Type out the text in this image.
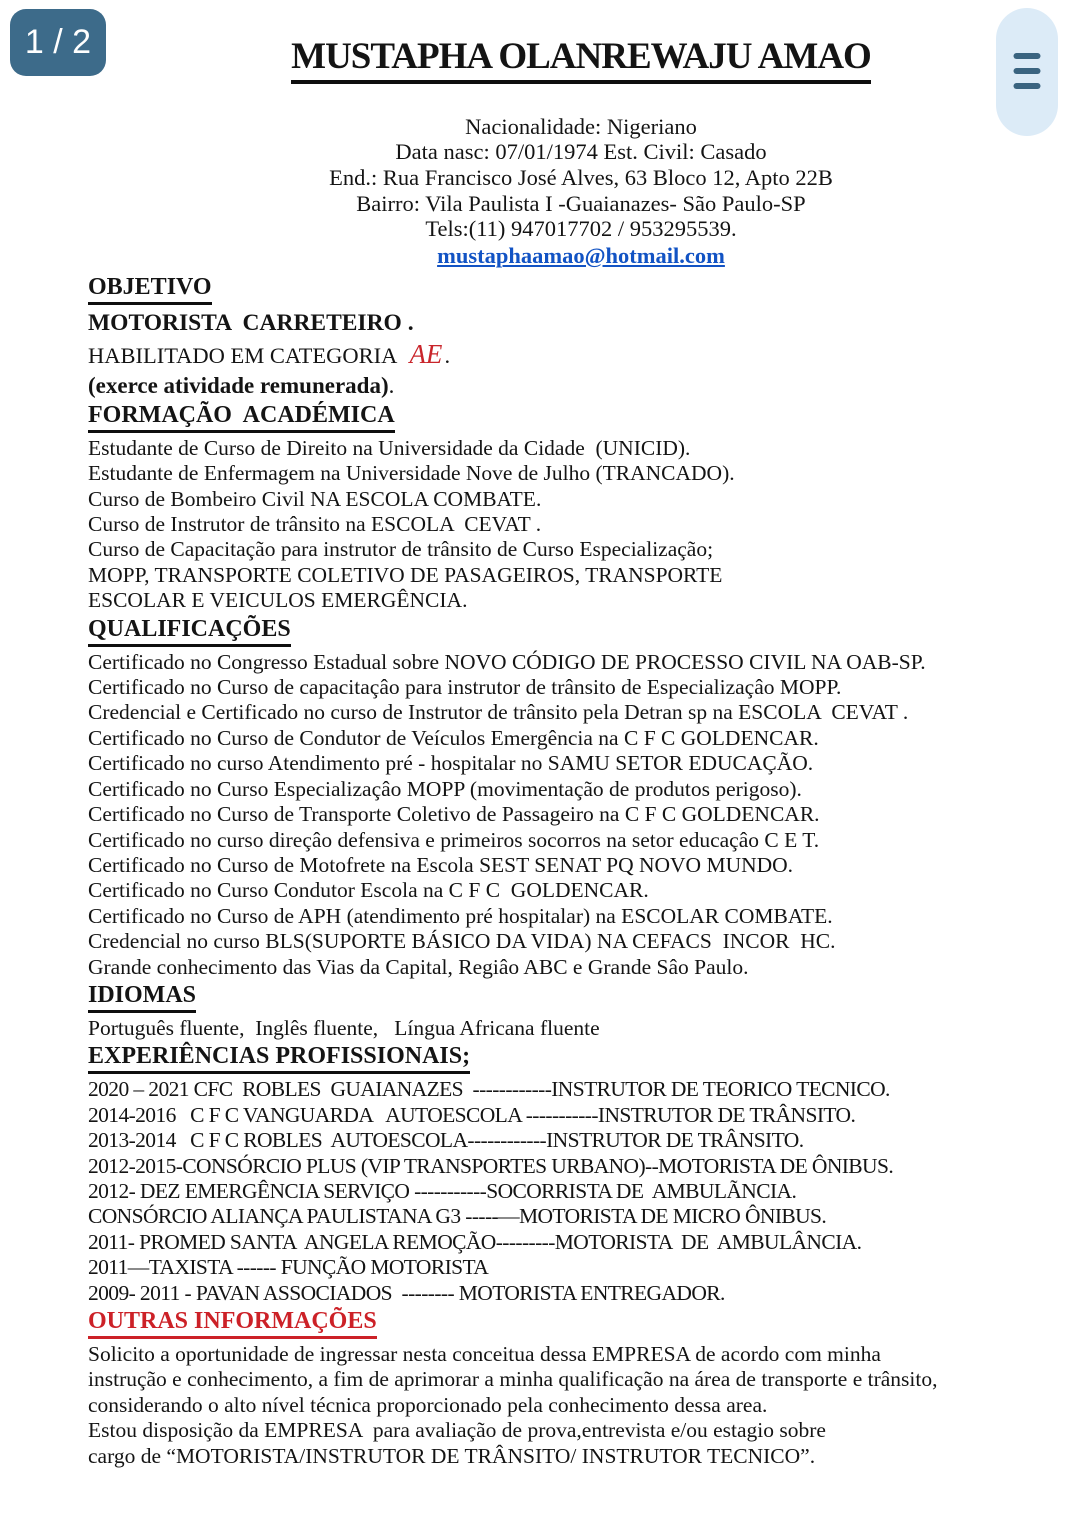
MUSTAPHA OLANREWAJU AMAO
Nacionalidade: Nigeriano
Data nasc: 07/01/1974 Est. Civil: Casado
End.: Rua Francisco José Alves, 63 Bloco 12, Apto 22B
Bairro: Vila Paulista I -Guaianazes- São Paulo-SP
Tels:(11) 947017702 / 953295539.
mustaphaamao@hotmail.com
OBJETIVO
MOTORISTA  CARRETEIRO .
HABILITADO EM CATEGORIA  AE.
(exerce atividade remunerada).
FORMAÇÃO  ACADÉMICA
Estudante de Curso de Direito na Universidade da Cidade  (UNICID).
Estudante de Enfermagem na Universidade Nove de Julho (TRANCADO).
Curso de Bombeiro Civil NA ESCOLA COMBATE.
Curso de Instrutor de trânsito na ESCOLA  CEVAT .
Curso de Capacitação para instrutor de trânsito de Curso Especialização;
MOPP, TRANSPORTE COLETIVO DE PASAGEIROS, TRANSPORTE
ESCOLAR E VEICULOS EMERGÊNCIA.
QUALIFICAÇÕES
Certificado no Congresso Estadual sobre NOVO CÓDIGO DE PROCESSO CIVIL NA OAB-SP.
Certificado no Curso de capacitaçâo para instrutor de trânsito de Especializaçâo MOPP.
Credencial e Certificado no curso de Instrutor de trânsito pela Detran sp na ESCOLA  CEVAT .
Certificado no Curso de Condutor de Veículos Emergência na C F C GOLDENCAR.
Certificado no curso Atendimento pré - hospitalar no SAMU SETOR EDUCAÇÃO.
Certificado no Curso Especializaçâo MOPP (movimentação de produtos perigoso).
Certificado no Curso de Transporte Coletivo de Passageiro na C F C GOLDENCAR.
Certificado no curso direçâo defensiva e primeiros socorros na setor educaçâo C E T.
Certificado no Curso de Motofrete na Escola SEST SENAT PQ NOVO MUNDO.
Certificado no Curso Condutor Escola na C F C  GOLDENCAR.
Certificado no Curso de APH (atendimento pré hospitalar) na ESCOLAR COMBATE.
Credencial no curso BLS(SUPORTE BÁSICO DA VIDA) NA CEFACS  INCOR  HC.
Grande conhecimento das Vias da Capital, Regiâo ABC e Grande Sâo Paulo.
IDIOMAS
Português fluente,  Inglês fluente,   Língua Africana fluente
EXPERIÊNCIAS PROFISSIONAIS;
2020 – 2021 CFC  ROBLES  GUAIANAZES  ------------INSTRUTOR DE TEORICO TECNICO.
2014-2016   C F C VANGUARDA   AUTOESCOLA -----------INSTRUTOR DE TRÂNSITO.
2013-2014   C F C ROBLES  AUTOESCOLA------------INSTRUTOR DE TRÂNSITO.
2012-2015-CONSÓRCIO PLUS (VIP TRANSPORTES URBANO)--MOTORISTA DE ÔNIBUS.
2012- DEZ EMERGÊNCIA SERVIÇO -----------SOCORRISTA DE  AMBULÃNCIA.
CONSÓRCIO ALIANÇA PAULISTANA G3 -----—MOTORISTA DE MICRO ÔNIBUS.
2011- PROMED SANTA  ANGELA REMOÇÃO---------MOTORISTA  DE  AMBULÂNCIA.
2011—TAXISTA ------ FUNÇÃO MOTORISTA
2009- 2011 - PAVAN ASSOCIADOS  -------- MOTORISTA ENTREGADOR.
OUTRAS INFORMAÇÕES
Solicito a oportunidade de ingressar nesta conceitua dessa EMPRESA de acordo com minha
instrução e conhecimento, a fim de aprimorar a minha qualificação na área de transporte e trânsito,
considerando o alto nível técnica proporcionado pela conhecimento dessa area.
Estou disposição da EMPRESA  para avaliação de prova,entrevista e/ou estagio sobre
cargo de “MOTORISTA/INSTRUTOR DE TRÂNSITO/ INSTRUTOR TECNICO”.
1 / 2
